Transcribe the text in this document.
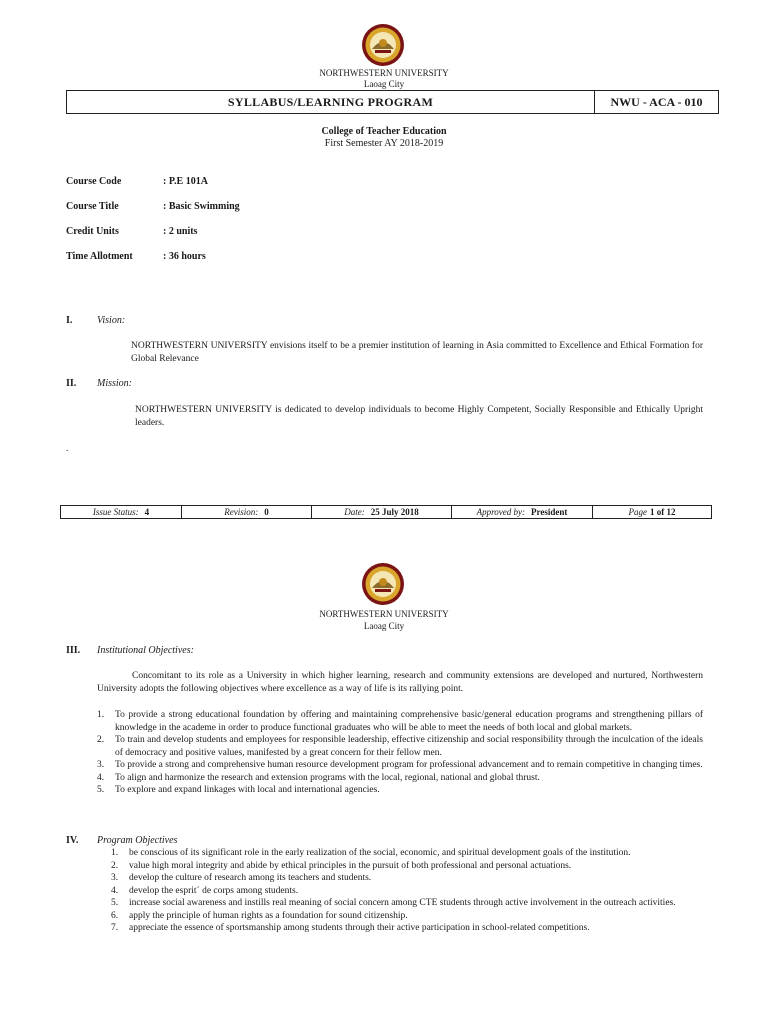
NORTHWESTERN UNIVERSITY
Laoag City
SYLLABUS/LEARNING PROGRAM	NWU - ACA - 010
College of Teacher Education
First Semester AY 2018-2019
Course Code	: P.E 101A
Course Title	: Basic Swimming
Credit Units	: 2 units
Time Allotment	: 36 hours
I. Vision:
NORTHWESTERN UNIVERSITY envisions itself to be a premier institution of learning in Asia committed to Excellence and Ethical Formation for Global Relevance
II. Mission:
NORTHWESTERN UNIVERSITY is dedicated to develop individuals to become Highly Competent, Socially Responsible and Ethically Upright leaders.
.
Issue Status: 4	Revision: 0	Date: 25 July 2018	Approved by: President	Page 1 of 12
NORTHWESTERN UNIVERSITY
Laoag City
III. Institutional Objectives:
Concomitant to its role as a University in which higher learning, research and community extensions are developed and nurtured, Northwestern University adopts the following objectives where excellence as a way of life is its rallying point.
1. To provide a strong educational foundation by offering and maintaining comprehensive basic/general education programs and strengthening pillars of knowledge in the academe in order to produce functional graduates who will be able to meet the needs of both local and global markets.
2. To train and develop students and employees for responsible leadership, effective citizenship and social responsibility through the inculcation of the ideals of democracy and positive values, manifested by a great concern for their fellow men.
3. To provide a strong and comprehensive human resource development program for professional advancement and to remain competitive in changing times.
4. To align and harmonize the research and extension programs with the local, regional, national and global thrust.
5. To explore and expand linkages with local and international agencies.
IV. Program Objectives
1. be conscious of its significant role in the early realization of the social, economic, and spiritual development goals of the institution.
2. value high moral integrity and abide by ethical principles in the pursuit of both professional and personal actuations.
3. develop the culture of research among its teachers and students.
4. develop the esprit´ de corps among students.
5. increase social awareness and instills real meaning of social concern among CTE students through active involvement in the outreach activities.
6. apply the principle of human rights as a foundation for sound citizenship.
7. appreciate the essence of sportsmanship among students through their active participation in school-related competitions.
